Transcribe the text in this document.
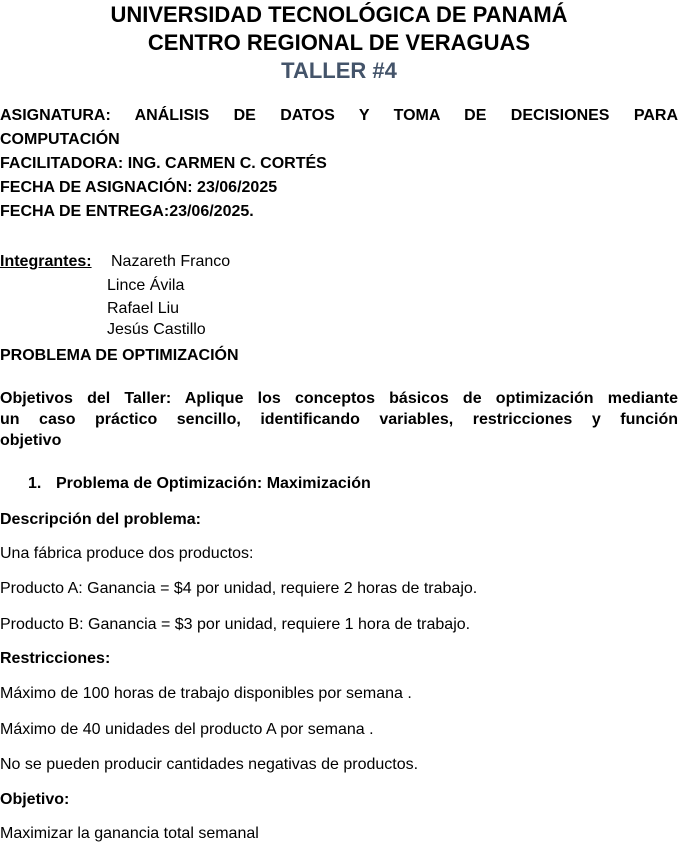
UNIVERSIDAD TECNOLÓGICA DE PANAMÁ
CENTRO REGIONAL DE VERAGUAS
TALLER #4
ASIGNATURA: ANÁLISIS DE DATOS Y TOMA DE DECISIONES PARA
COMPUTACIÓN
FACILITADORA: ING. CARMEN C. CORTÉS
FECHA DE ASIGNACIÓN: 23/06/2025
FECHA DE ENTREGA:23/06/2025.
Integrantes: Nazareth Franco
Lince Ávila
Rafael Liu
Jesús Castillo
PROBLEMA DE OPTIMIZACIÓN
Objetivos del Taller: Aplique los conceptos básicos de optimización mediante
un caso práctico sencillo, identificando variables, restricciones y función
objetivo
1. Problema de Optimización: Maximización
Descripción del problema:
Una fábrica produce dos productos:
Producto A: Ganancia = $4 por unidad, requiere 2 horas de trabajo.
Producto B: Ganancia = $3 por unidad, requiere 1 hora de trabajo.
Restricciones:
Máximo de 100 horas de trabajo disponibles por semana .
Máximo de 40 unidades del producto A por semana .
No se pueden producir cantidades negativas de productos.
Objetivo:
Maximizar la ganancia total semanal
